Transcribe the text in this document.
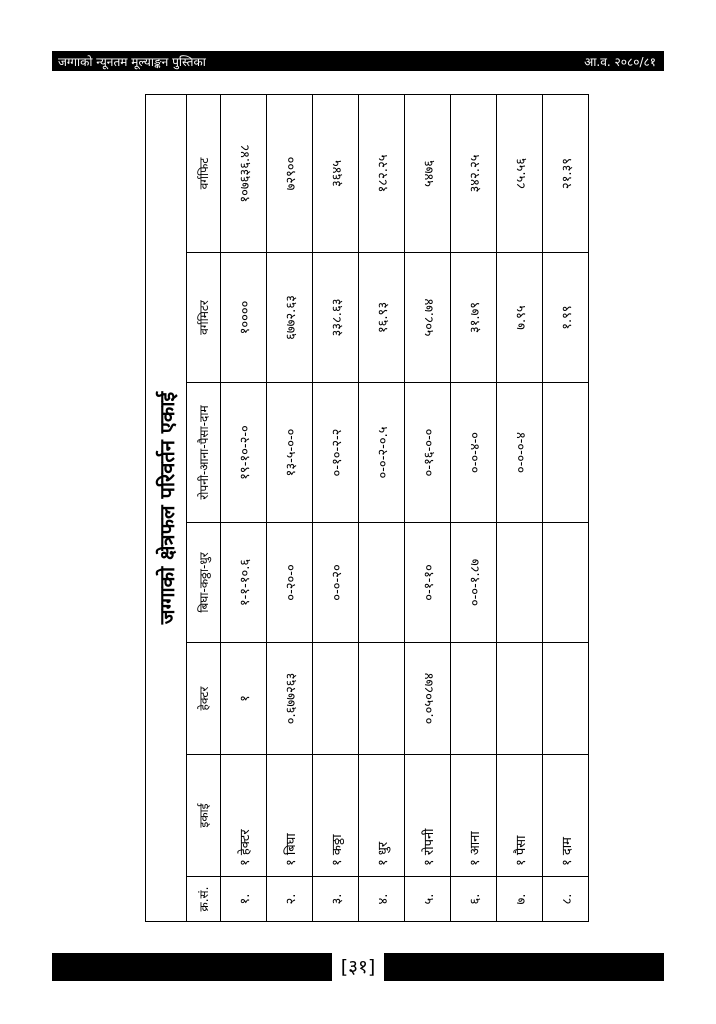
जग्गाको न्यूनतम मूल्याङ्कन पुस्तिका	आ.व. २०८०/८१
जग्गाको क्षेत्रफल परिवर्तन एकाई						
क्र.सं.	इकाई	हेक्टर	बिघा-कठ्ठा-धुर	रोपनी-आना-पैसा-दाम	वर्गमिटर	वर्गफिट
१.	१ हेक्टर	१	१-१-१०.६	१९-१०-२-०	१००००	१०७६३६.४८
२.	१ बिघा	०.६७७२६३	०-२०-०	१३-५-०-०	६७७२.६३	७२९००
३.	१ कठ्ठा		०-०-२०	०-१०-२-२	३३८.६३	३६४५
४.	१ धुर			०-०-२-०.५	१६.९३	१८२.२५
५.	१ रोपनी	०.०५०८७४	०-१-१०	०-१६-०-०	५०८.७४	५४७६
६.	१ आना		०-०-१.८७	०-०-४-०	३१.७९	३४२.२५
७.	१ पैसा			०-०-०-४	७.९५	८५.५६
८.	१ दाम				१.९९	२१.३९
[३१]
